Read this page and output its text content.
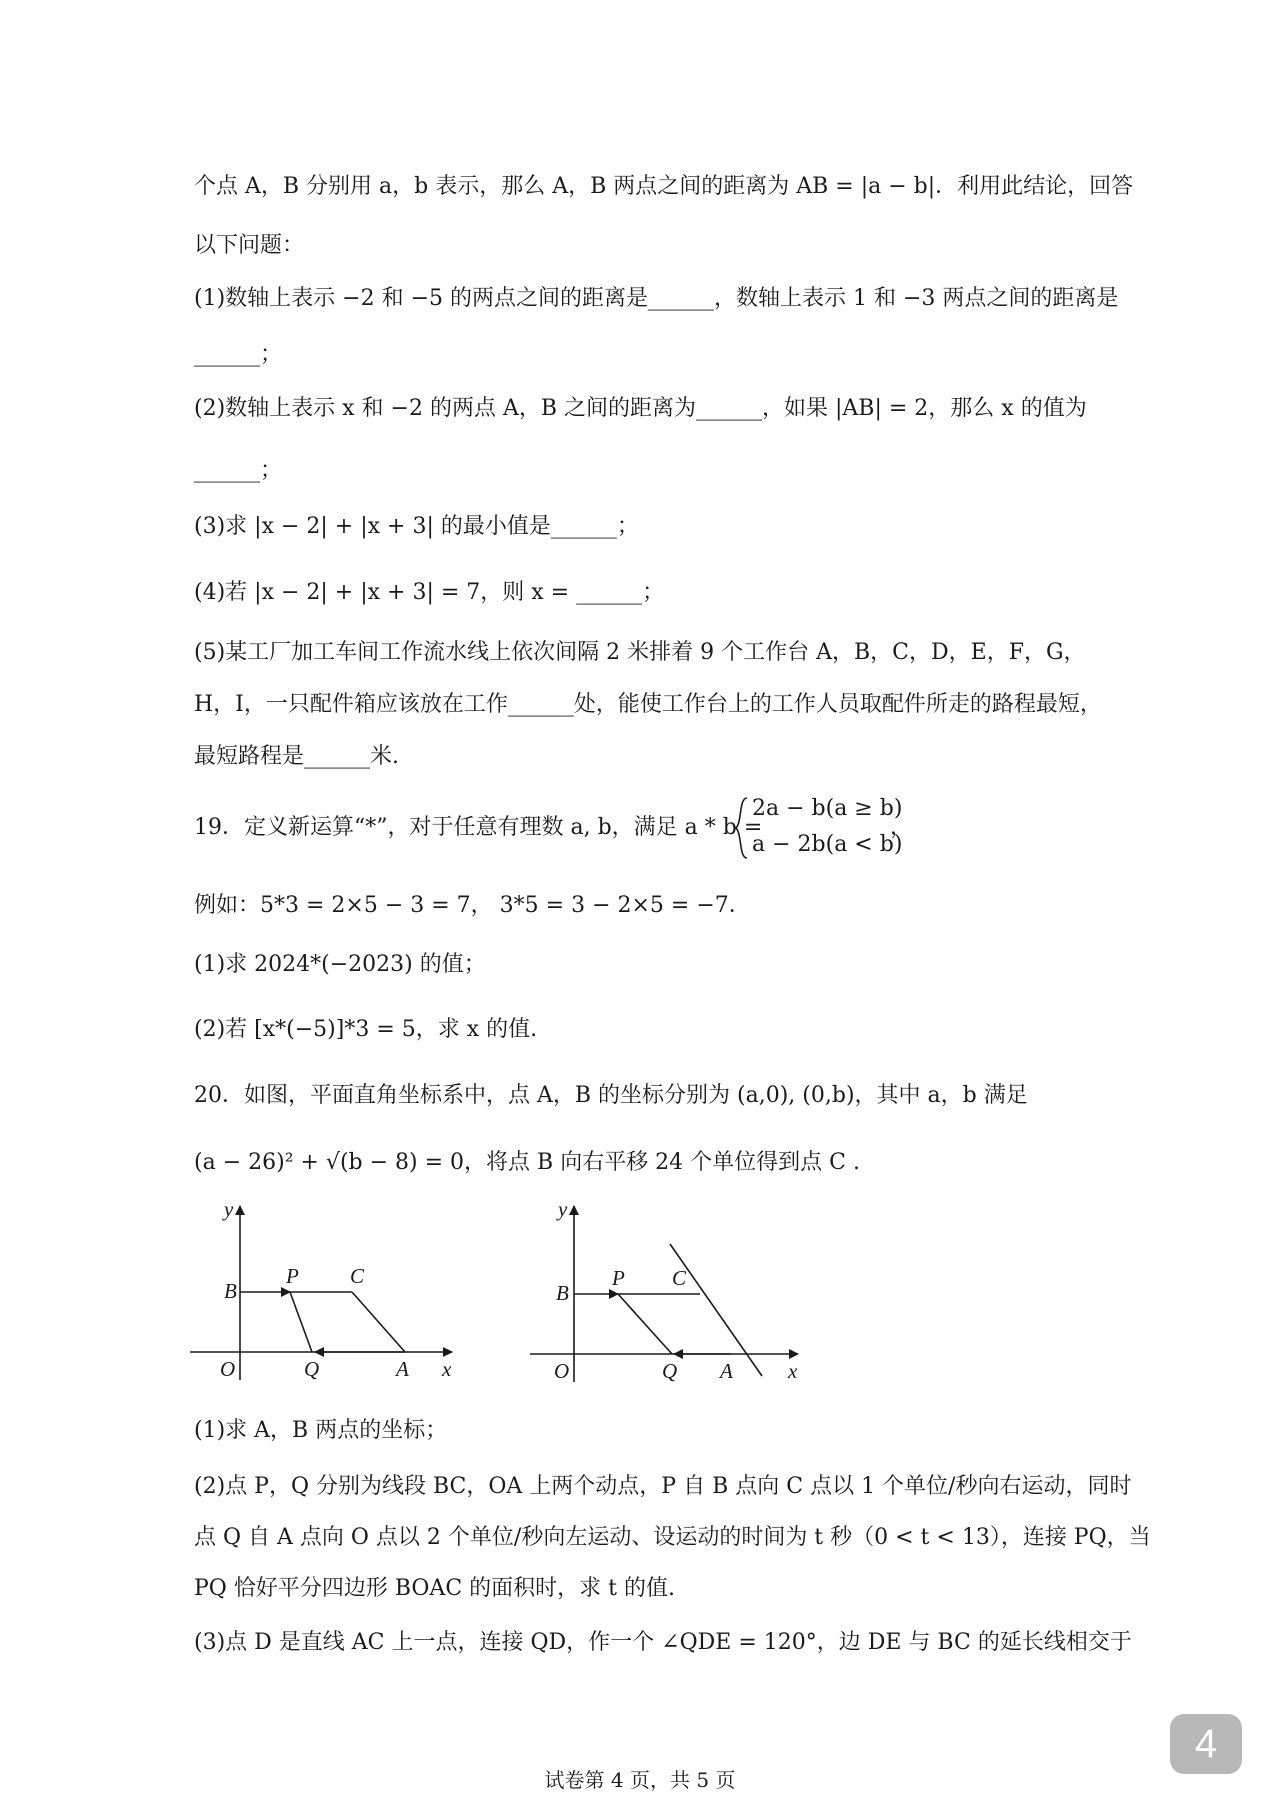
个点 A，B 分别用 a，b 表示，那么 A，B 两点之间的距离为 AB = |a − b|．利用此结论，回答
以下问题：
(1)数轴上表示 −2 和 −5 的两点之间的距离是______，数轴上表示 1 和 −3 两点之间的距离是
______；
(2)数轴上表示 x 和 −2 的两点 A，B 之间的距离为______，如果 |AB| = 2，那么 x 的值为
______；
(3)求 |x − 2| + |x + 3| 的最小值是______；
(4)若 |x − 2| + |x + 3| = 7，则 x = ______；
(5)某工厂加工车间工作流水线上依次间隔 2 米排着 9 个工作台 A，B，C，D，E，F，G，
H，I，一只配件箱应该放在工作______处，能使工作台上的工作人员取配件所走的路程最短，
最短路程是______米.
19．定义新运算“*”，对于任意有理数 a, b，满足 a * b =
2a − b(a ≥ b)
a − 2b(a < b)
，
例如：5*3 = 2×5 − 3 = 7， 3*5 = 3 − 2×5 = −7．
(1)求 2024*(−2023) 的值；
(2)若 [x*(−5)]*3 = 5，求 x 的值.
20．如图，平面直角坐标系中，点 A，B 的坐标分别为 (a,0), (0,b)，其中 a，b 满足
(a − 26)² + √(b − 8) = 0，将点 B 向右平移 24 个单位得到点 C .
y
x
O
B
P C
Q	A
y
x
O
B
P C
Q A
(1)求 A，B 两点的坐标；
(2)点 P，Q 分别为线段 BC，OA 上两个动点，P 自 B 点向 C 点以 1 个单位/秒向右运动，同时
点 Q 自 A 点向 O 点以 2 个单位/秒向左运动、设运动的时间为 t 秒（0 < t < 13），连接 PQ，当
PQ 恰好平分四边形 BOAC 的面积时，求 t 的值.
(3)点 D 是直线 AC 上一点，连接 QD，作一个 ∠QDE = 120°，边 DE 与 BC 的延长线相交于
试卷第 4 页，共 5 页
4
